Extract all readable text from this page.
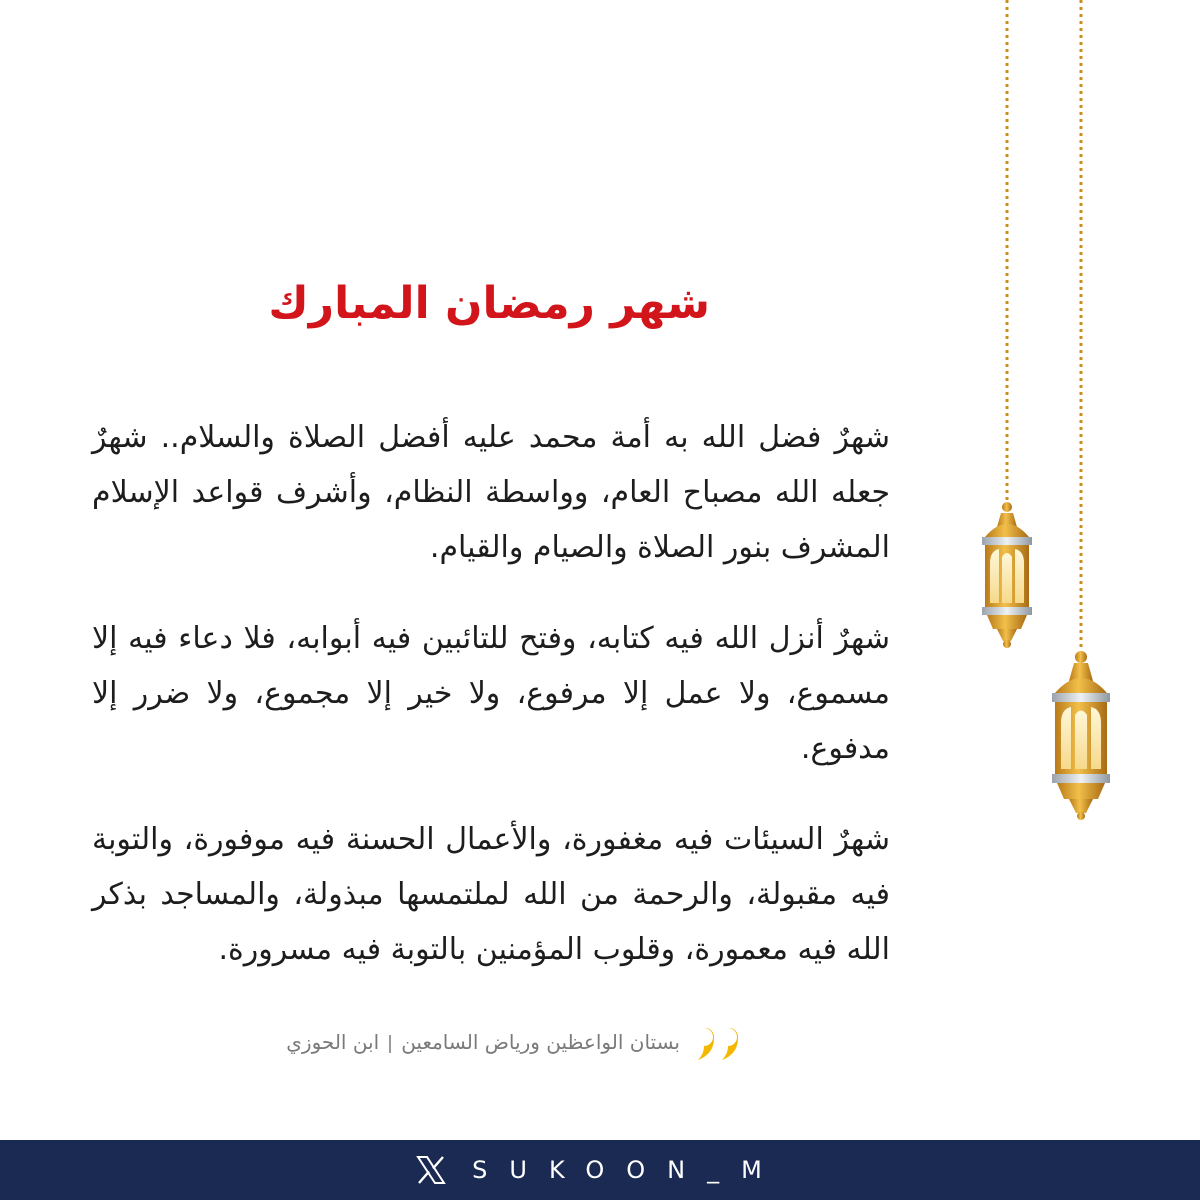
شهر رمضان المبارك

شهرٌ فضل الله به أمة محمد عليه أفضل الصلاة والسلام.. شهرٌ جعله الله مصباح العام، وواسطة النظام، وأشرف قواعد الإسلام المشرف بنور الصلاة والصيام والقيام.

شهرٌ أنزل الله فيه كتابه، وفتح للتائبين فيه أبوابه، فلا دعاء فيه إلا مسموع، ولا عمل إلا مرفوع، ولا خير إلا مجموع، ولا ضرر إلا مدفوع.

شهرٌ السيئات فيه مغفورة، والأعمال الحسنة فيه موفورة، والتوبة فيه مقبولة، والرحمة من الله لملتمسها مبذولة، والمساجد بذكر الله فيه معمورة، وقلوب المؤمنين بالتوبة فيه مسرورة.

بستان الواعظين ورياض السامعينابن الحوزي
SUKOON_M
